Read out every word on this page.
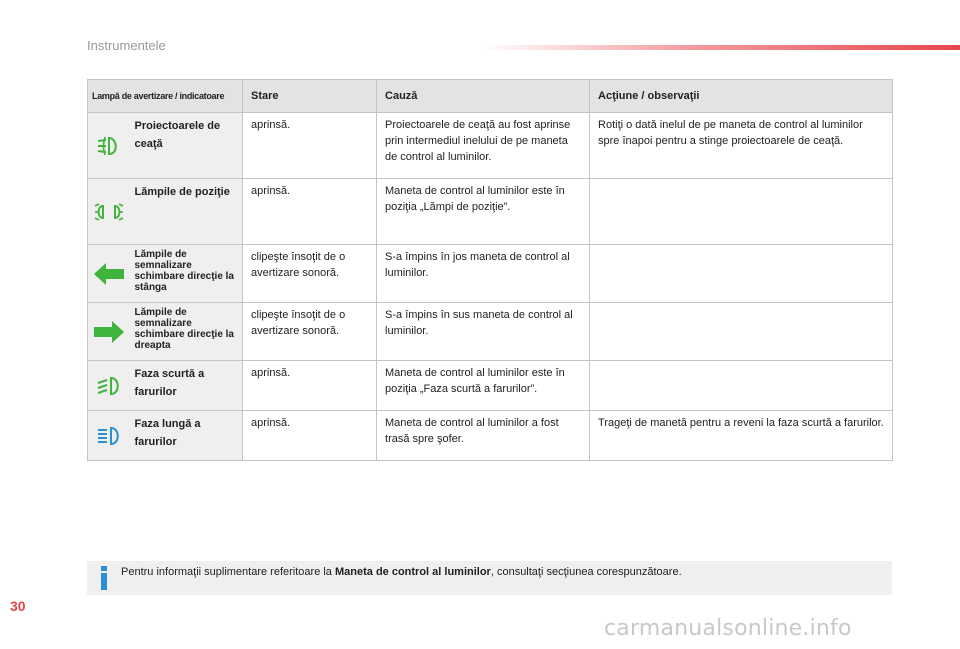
Instrumentele
Lampă de avertizare / indicatoare		Stare	Cauză	Acţiune / observaţii

	Proiectoarele de ceaţă	aprinsă.	Proiectoarele de ceaţă au fost aprinse prin intermediul inelului de pe maneta de control al luminilor.	Rotiţi o dată inelul de pe maneta de control al luminilor spre înapoi pentru a stinge proiectoarele de ceaţă.

	Lămpile de poziţie	aprinsă.	Maneta de control al luminilor este în poziţia „Lămpi de poziţie”.	

Lămpile de semnalizare schimbare direcţie la stânga	clipeşte însoţit de o avertizare sonoră.	S-a împins în jos maneta de control al luminilor.	

Lămpile de semnalizare schimbare direcţie la dreapta	clipeşte însoţit de o avertizare sonoră.	S-a împins în sus maneta de control al luminilor.	

	Faza scurtă a farurilor	aprinsă.	Maneta de control al luminilor este în poziţia „Faza scurtă a farurilor”.	

	Faza lungă a farurilor	aprinsă.	Maneta de control al luminilor a fost trasă spre şofer.	Trageţi de manetă pentru a reveni la faza scurtă a farurilor.
Pentru informaţii suplimentare referitoare la Maneta de control al luminilor, consultaţi secţiunea corespunzătoare.
30
carmanualsonline.info
